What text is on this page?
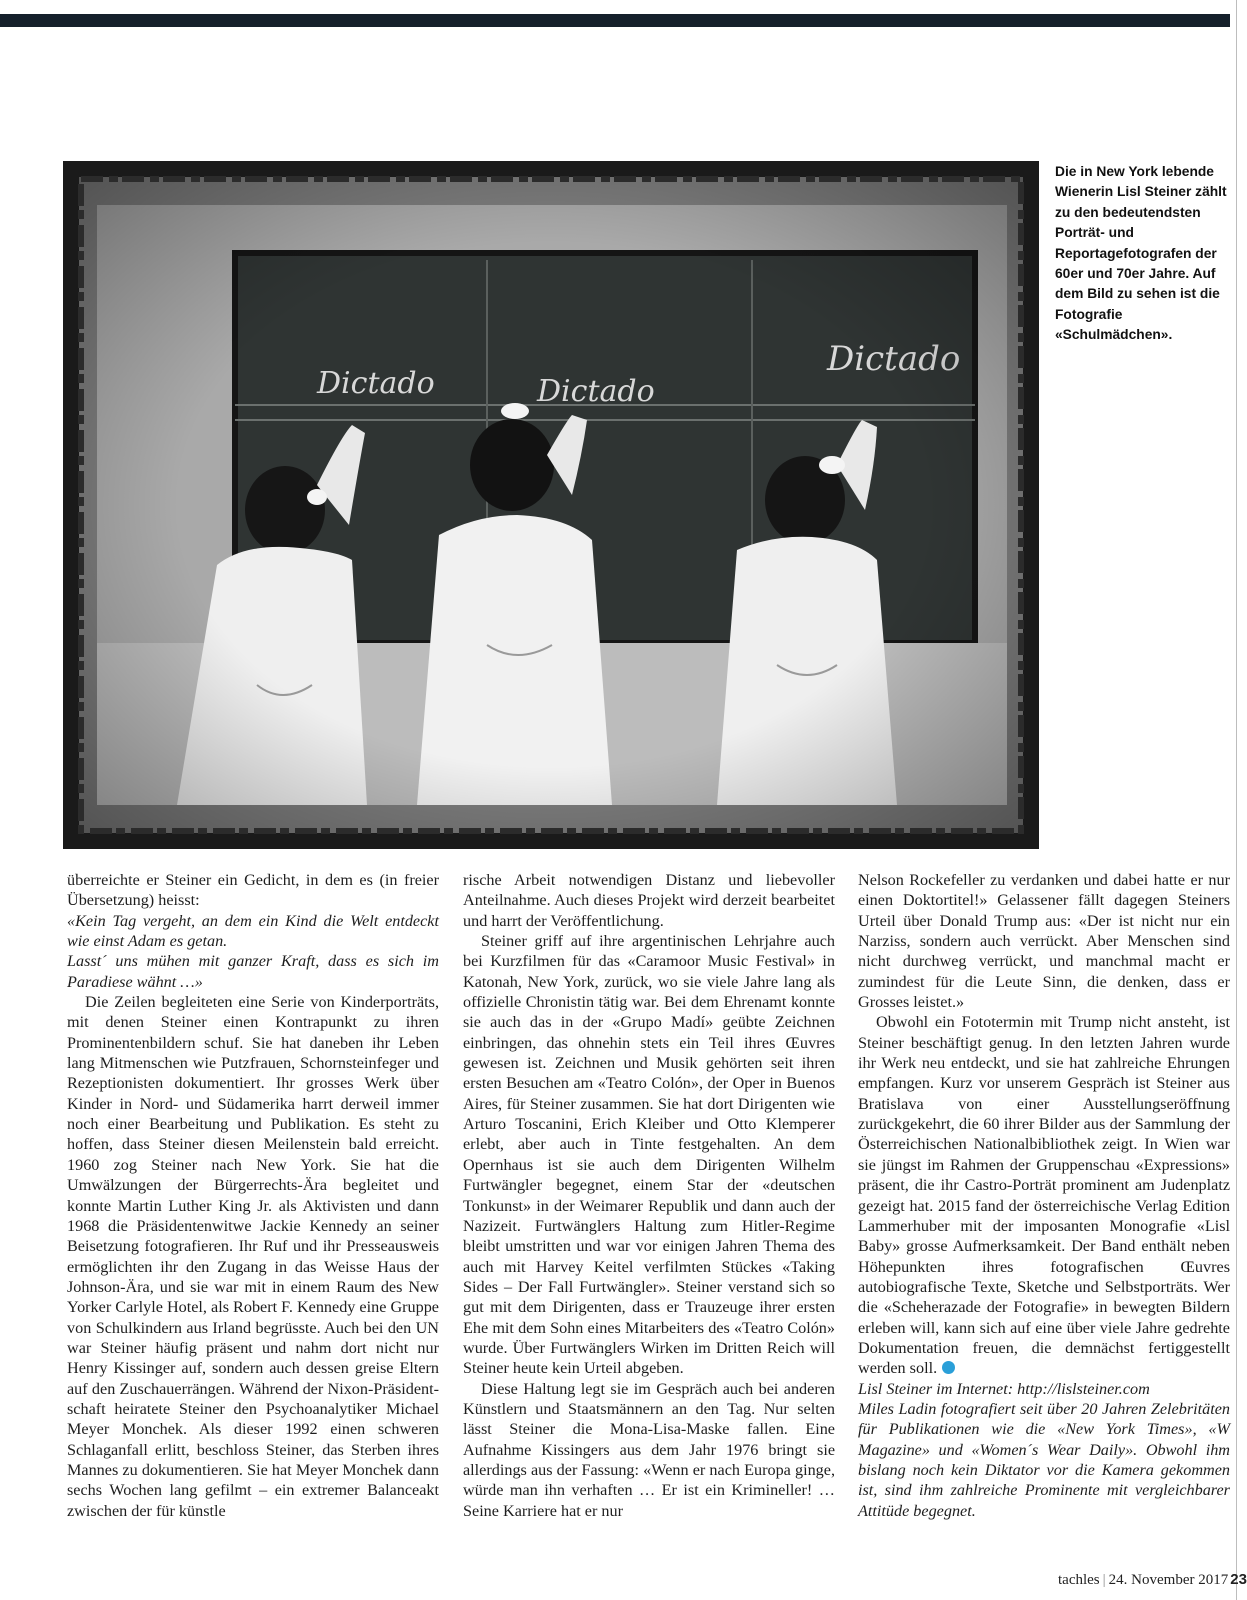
Die in New York lebende Wienerin Lisl Steiner zählt zu den bedeutendsten Porträt- und Reportagefotografen der 60er und 70er Jahre. Auf dem Bild zu sehen ist die Fotografie «Schulmädchen».

überreichte er Steiner ein Gedicht, in dem es (in freier Übersetzung) heisst:

«Kein Tag vergeht, an dem ein Kind die Welt entdeckt wie einst Adam es getan.

Lasst´ uns mühen mit ganzer Kraft, dass es sich im Paradiese wähnt …»

Die Zeilen begleiteten eine Serie von Kinderporträts, mit denen Steiner einen Kontrapunkt zu ihren Prominentenbildern schuf. Sie hat daneben ihr Leben lang Mitmenschen wie Putzfrauen, Schornsteinfeger und Rezeptionisten dokumentiert. Ihr grosses Werk über Kinder in Nord- und Südamerika harrt derweil immer noch einer Bearbeitung und Publikation. Es steht zu hoffen, dass Steiner diesen Meilenstein bald erreicht. 1960 zog Steiner nach New York. Sie hat die Umwälzungen der Bürgerrechts-Ära begleitet und konnte Martin Luther King Jr. als Aktivisten und dann 1968 die Präsidentenwitwe Jackie Kennedy an seiner Beisetzung fotografieren. Ihr Ruf und ihr Presseausweis ermöglichten ihr den Zugang in das Weisse Haus der Johnson-Ära, und sie war mit in einem Raum des New Yorker Carlyle Hotel, als Robert F. Kennedy eine Gruppe von Schulkindern aus Irland begrüsste. Auch bei den UN war Steiner häufig präsent und nahm dort nicht nur Henry Kissinger auf, sondern auch dessen greise Eltern auf den Zuschauerrängen. Während der Nixon-Präsidentschaft heiratete Steiner den Psychoanalytiker Michael Meyer Monchek. Als dieser 1992 einen schweren Schlaganfall erlitt, beschloss Steiner, das Sterben ihres Mannes zu dokumentieren. Sie hat Meyer Monchek dann sechs Wochen lang gefilmt – ein extremer Balanceakt zwischen der für künstle

rische Arbeit notwendigen Distanz und liebevoller Anteilnahme. Auch dieses Projekt wird derzeit bearbeitet und harrt der Veröffentlichung.

Steiner griff auf ihre argentinischen Lehrjahre auch bei Kurzfilmen für das «Caramoor Music Festival» in Katonah, New York, zurück, wo sie viele Jahre lang als offizielle Chronistin tätig war. Bei dem Ehrenamt konnte sie auch das in der «Grupo Madí» geübte Zeichnen einbringen, das ohnehin stets ein Teil ihres Œuvres gewesen ist. Zeichnen und Musik gehörten seit ihren ersten Besuchen am «Teatro Colón», der Oper in Buenos Aires, für Steiner zusammen. Sie hat dort Dirigenten wie Arturo Toscanini, Erich Kleiber und Otto Klemperer erlebt, aber auch in Tinte festgehalten. An dem Opernhaus ist sie auch dem Dirigenten Wilhelm Furtwängler begegnet, einem Star der «deutschen Tonkunst» in der Weimarer Republik und dann auch der Nazizeit. Furtwänglers Haltung zum Hitler-Regime bleibt umstritten und war vor einigen Jahren Thema des auch mit Harvey Keitel verfilmten Stückes «Taking Sides – Der Fall Furtwängler». Steiner verstand sich so gut mit dem Dirigenten, dass er Trauzeuge ihrer ersten Ehe mit dem Sohn eines Mitarbeiters des «Teatro Colón» wurde. Über Furtwänglers Wirken im Dritten Reich will Steiner heute kein Urteil abgeben.

Diese Haltung legt sie im Gespräch auch bei anderen Künstlern und Staatsmännern an den Tag. Nur selten lässt Steiner die Mona-Lisa-Maske fallen. Eine Aufnahme Kissingers aus dem Jahr 1976 bringt sie allerdings aus der Fassung: «Wenn er nach Europa ginge, würde man ihn verhaften … Er ist ein Krimineller! … Seine Karriere hat er nur

Nelson Rockefeller zu verdanken und dabei hatte er nur einen Doktortitel!» Gelassener fällt dagegen Steiners Urteil über Donald Trump aus: «Der ist nicht nur ein Narziss, sondern auch verrückt. Aber Menschen sind nicht durchweg verrückt, und manchmal macht er zumindest für die Leute Sinn, die denken, dass er Grosses leistet.»

Obwohl ein Fototermin mit Trump nicht ansteht, ist Steiner beschäftigt genug. In den letzten Jahren wurde ihr Werk neu entdeckt, und sie hat zahlreiche Ehrungen empfangen. Kurz vor unserem Gespräch ist Steiner aus Bratislava von einer Ausstellungseröffnung zurückgekehrt, die 60 ihrer Bilder aus der Sammlung der Österreichischen Nationalbibliothek zeigt. In Wien war sie jüngst im Rahmen der Gruppenschau «Expressions» präsent, die ihr Castro-Porträt prominent am Judenplatz gezeigt hat. 2015 fand der österreichische Verlag Edition Lammerhuber mit der imposanten Monografie «Lisl Baby» grosse Aufmerksamkeit. Der Band enthält neben Höhepunkten ihres fotografischen Œuvres autobiografische Texte, Sketche und Selbstporträts. Wer die «Scheherazade der Fotografie» in bewegten Bildern erleben will, kann sich auf eine über viele Jahre gedrehte Dokumentation freuen, die demnächst fertiggestellt werden soll.

Lisl Steiner im Internet: http://lislsteiner.com

Miles Ladin fotografiert seit über 20 Jahren Zelebritäten für Publikationen wie die «New York Times», «W Magazine» und «Women´s Wear Daily». Obwohl ihm bislang noch kein Diktator vor die Kamera gekommen ist, sind ihm zahlreiche Prominente mit vergleichbarer Attitüde begegnet.

tachles | 24. November 2017 23
